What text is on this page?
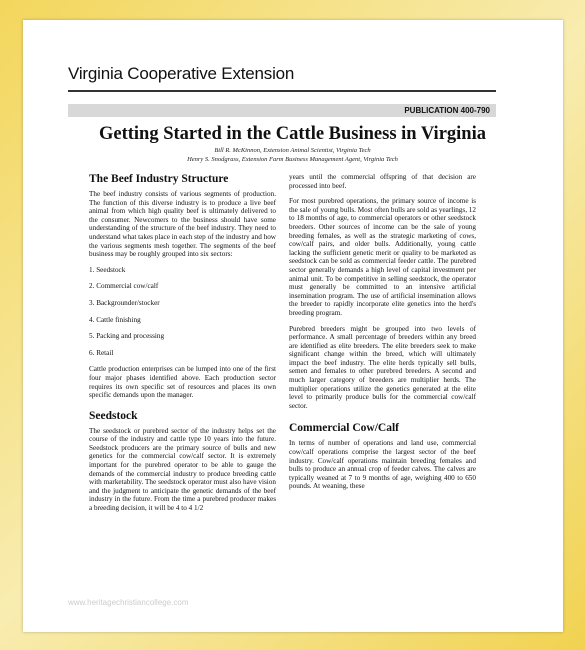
Virginia Cooperative Extension
PUBLICATION 400-790
Getting Started in the Cattle Business in Virginia
Bill R. McKinnon, Extension Animal Scientist, Virginia Tech
Henry S. Snodgrass, Extension Farm Business Management Agent, Virginia Tech
The Beef Industry Structure

The beef industry consists of various segments of production. The function of this diverse industry is to produce a live beef animal from which high quality beef is ultimately delivered to the consumer. Newcomers to the business should have some understanding of the structure of the beef industry. They need to understand what takes place in each step of the industry and how the various segments mesh together. The segments of the beef business may be roughly grouped into six sectors:

1. Seedstock
2. Commercial cow/calf
3. Backgrounder/stocker
4. Cattle finishing
5. Packing and processing
6. Retail

Cattle production enterprises can be lumped into one of the first four major phases identified above. Each production sector requires its own specific set of resources and places its own specific demands upon the manager.

Seedstock

The seedstock or purebred sector of the industry helps set the course of the industry and cattle type 10 years into the future. Seedstock producers are the primary source of bulls and new genetics for the commercial cow/calf sector. It is extremely important for the purebred operator to be able to gauge the demands of the commercial industry to produce breeding cattle with marketability. The seedstock operator must also have vision and the judgment to anticipate the genetic demands of the beef industry in the future. From the time a purebred producer makes a breeding decision, it will be 4 to 4 1/2

years until the commercial offspring of that decision are processed into beef.

For most purebred operations, the primary source of income is the sale of young bulls. Most often bulls are sold as yearlings, 12 to 18 months of age, to commercial operators or other seedstock breeders. Other sources of income can be the sale of young breeding females, as well as the strategic marketing of cows, cow/calf pairs, and older bulls. Additionally, young cattle lacking the sufficient genetic merit or quality to be marketed as seedstock can be sold as commercial feeder cattle. The purebred sector generally demands a high level of capital investment per animal unit. To be competitive in selling seedstock, the operator must generally be committed to an intensive artificial insemination program. The use of artificial insemination allows the breeder to rapidly incorporate elite genetics into the herd's breeding program.

Purebred breeders might be grouped into two levels of performance. A small percentage of breeders within any breed are identified as elite breeders. The elite breeders seek to make significant change within the breed, which will ultimately impact the beef industry. The elite herds typically sell bulls, semen and females to other purebred breeders. A second and much larger category of breeders are multiplier herds. The multiplier operations utilize the genetics generated at the elite level to primarily produce bulls for the commercial cow/calf sector.

Commercial Cow/Calf

In terms of number of operations and land use, commercial cow/calf operations comprise the largest sector of the beef industry. Cow/calf operations maintain breeding females and bulls to produce an annual crop of feeder calves. The calves are typically weaned at 7 to 9 months of age, weighing 400 to 650 pounds. At weaning, these

www.heritagechristiancollege.com
